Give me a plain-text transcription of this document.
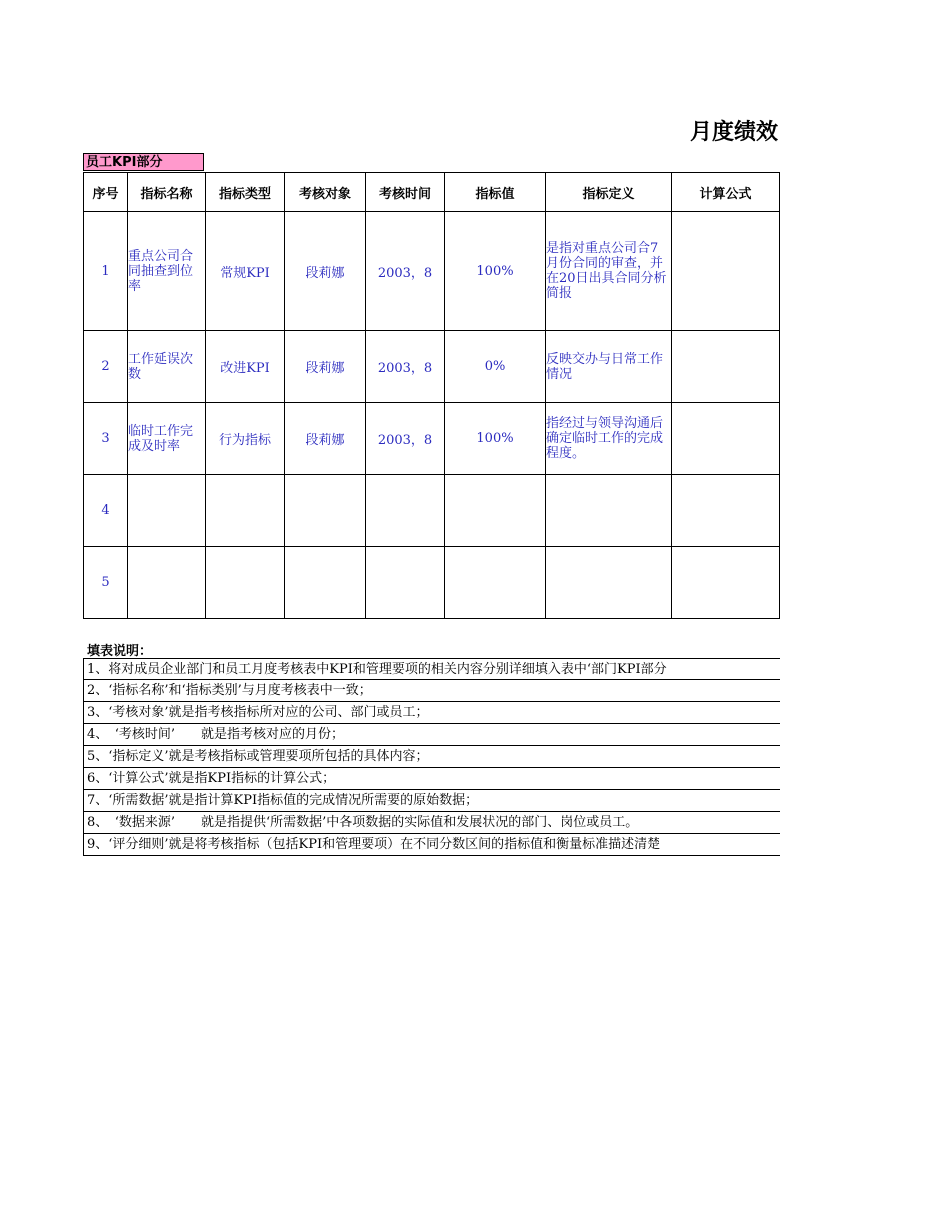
月度绩效
员工KPI部分
序号	指标名称	指标类型	考核对象	考核时间	指标值	指标定义	计算公式
1	重点公司合同抽查到位率	常规KPI	段莉娜	2003，8	100%	是指对重点公司合7月份合同的审查，并在20日出具合同分析简报	
2	工作延误次数	改进KPI	段莉娜	2003，8	0%	反映交办与日常工作情况	
3	临时工作完成及时率	行为指标	段莉娜	2003，8	100%	指经过与领导沟通后确定临时工作的完成程度。	
4							
5							
填表说明：
1、将对成员企业部门和员工月度考核表中KPI和管理要项的相关内容分别详细填入表中‘部门KPI部分
2、‘指标名称’和‘指标类别’与月度考核表中一致；
3、‘考核对象’就是指考核指标所对应的公司、部门或员工；
4、　‘考核时间’　　就是指考核对应的月份；
5、‘指标定义’就是考核指标或管理要项所包括的具体内容；
6、‘计算公式’就是指KPI指标的计算公式；
7、‘所需数据’就是指计算KPI指标值的完成情况所需要的原始数据；
8、　‘数据来源’　　就是指提供‘所需数据’中各项数据的实际值和发展状况的部门、岗位或员工。
9、‘评分细则’就是将考核指标（包括KPI和管理要项）在不同分数区间的指标值和衡量标准描述清楚
